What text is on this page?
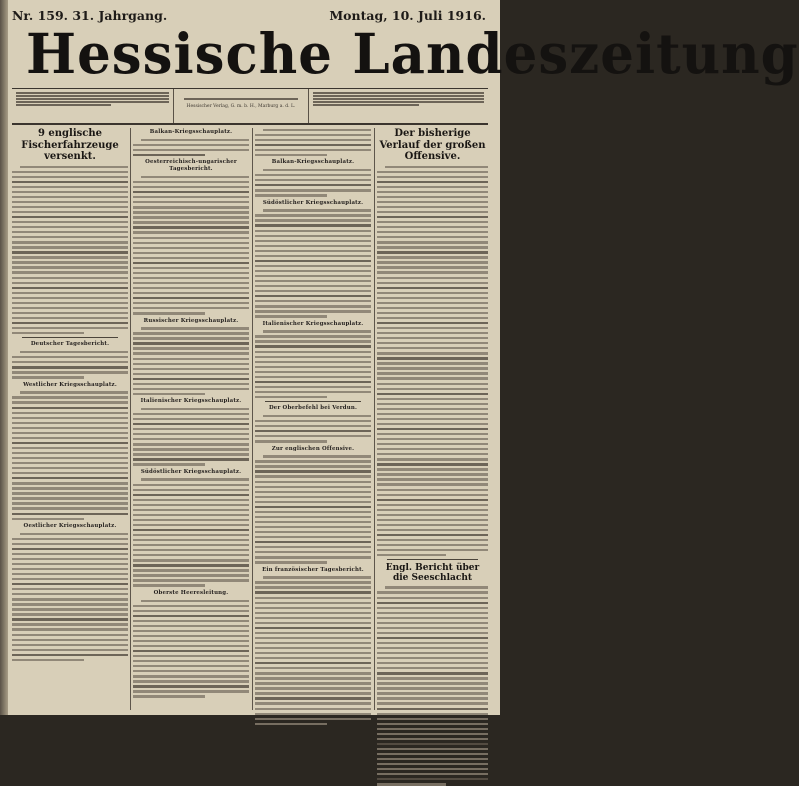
Nr. 159. 31. Jahrgang.	Montag, 10. Juli 1916.
Hessische Landeszeitung
Hessischer Verlag, G. m. b. H., Marburg a. d. L.
9 englische Fischerfahrzeuge versenkt.
Deutscher Tagesbericht.
Westlicher Kriegsschauplatz.
Oestlicher Kriegsschauplatz.
Balkan-Kriegsschauplatz.
Oesterreichisch-ungarischer Tagesbericht.
Russischer Kriegsschauplatz.
Italienischer Kriegsschauplatz.
Südöstlicher Kriegsschauplatz.
Oberste Heeresleitung.
Balkan-Kriegsschauplatz.
Südöstlicher Kriegsschauplatz.
Italienischer Kriegsschauplatz.
Der Oberbefehl bei Verdun.
Zur englischen Offensive.
Ein französischer Tagesbericht.
Der bisherige Verlauf der großen Offensive.
Engl. Bericht über die Seeschlacht
